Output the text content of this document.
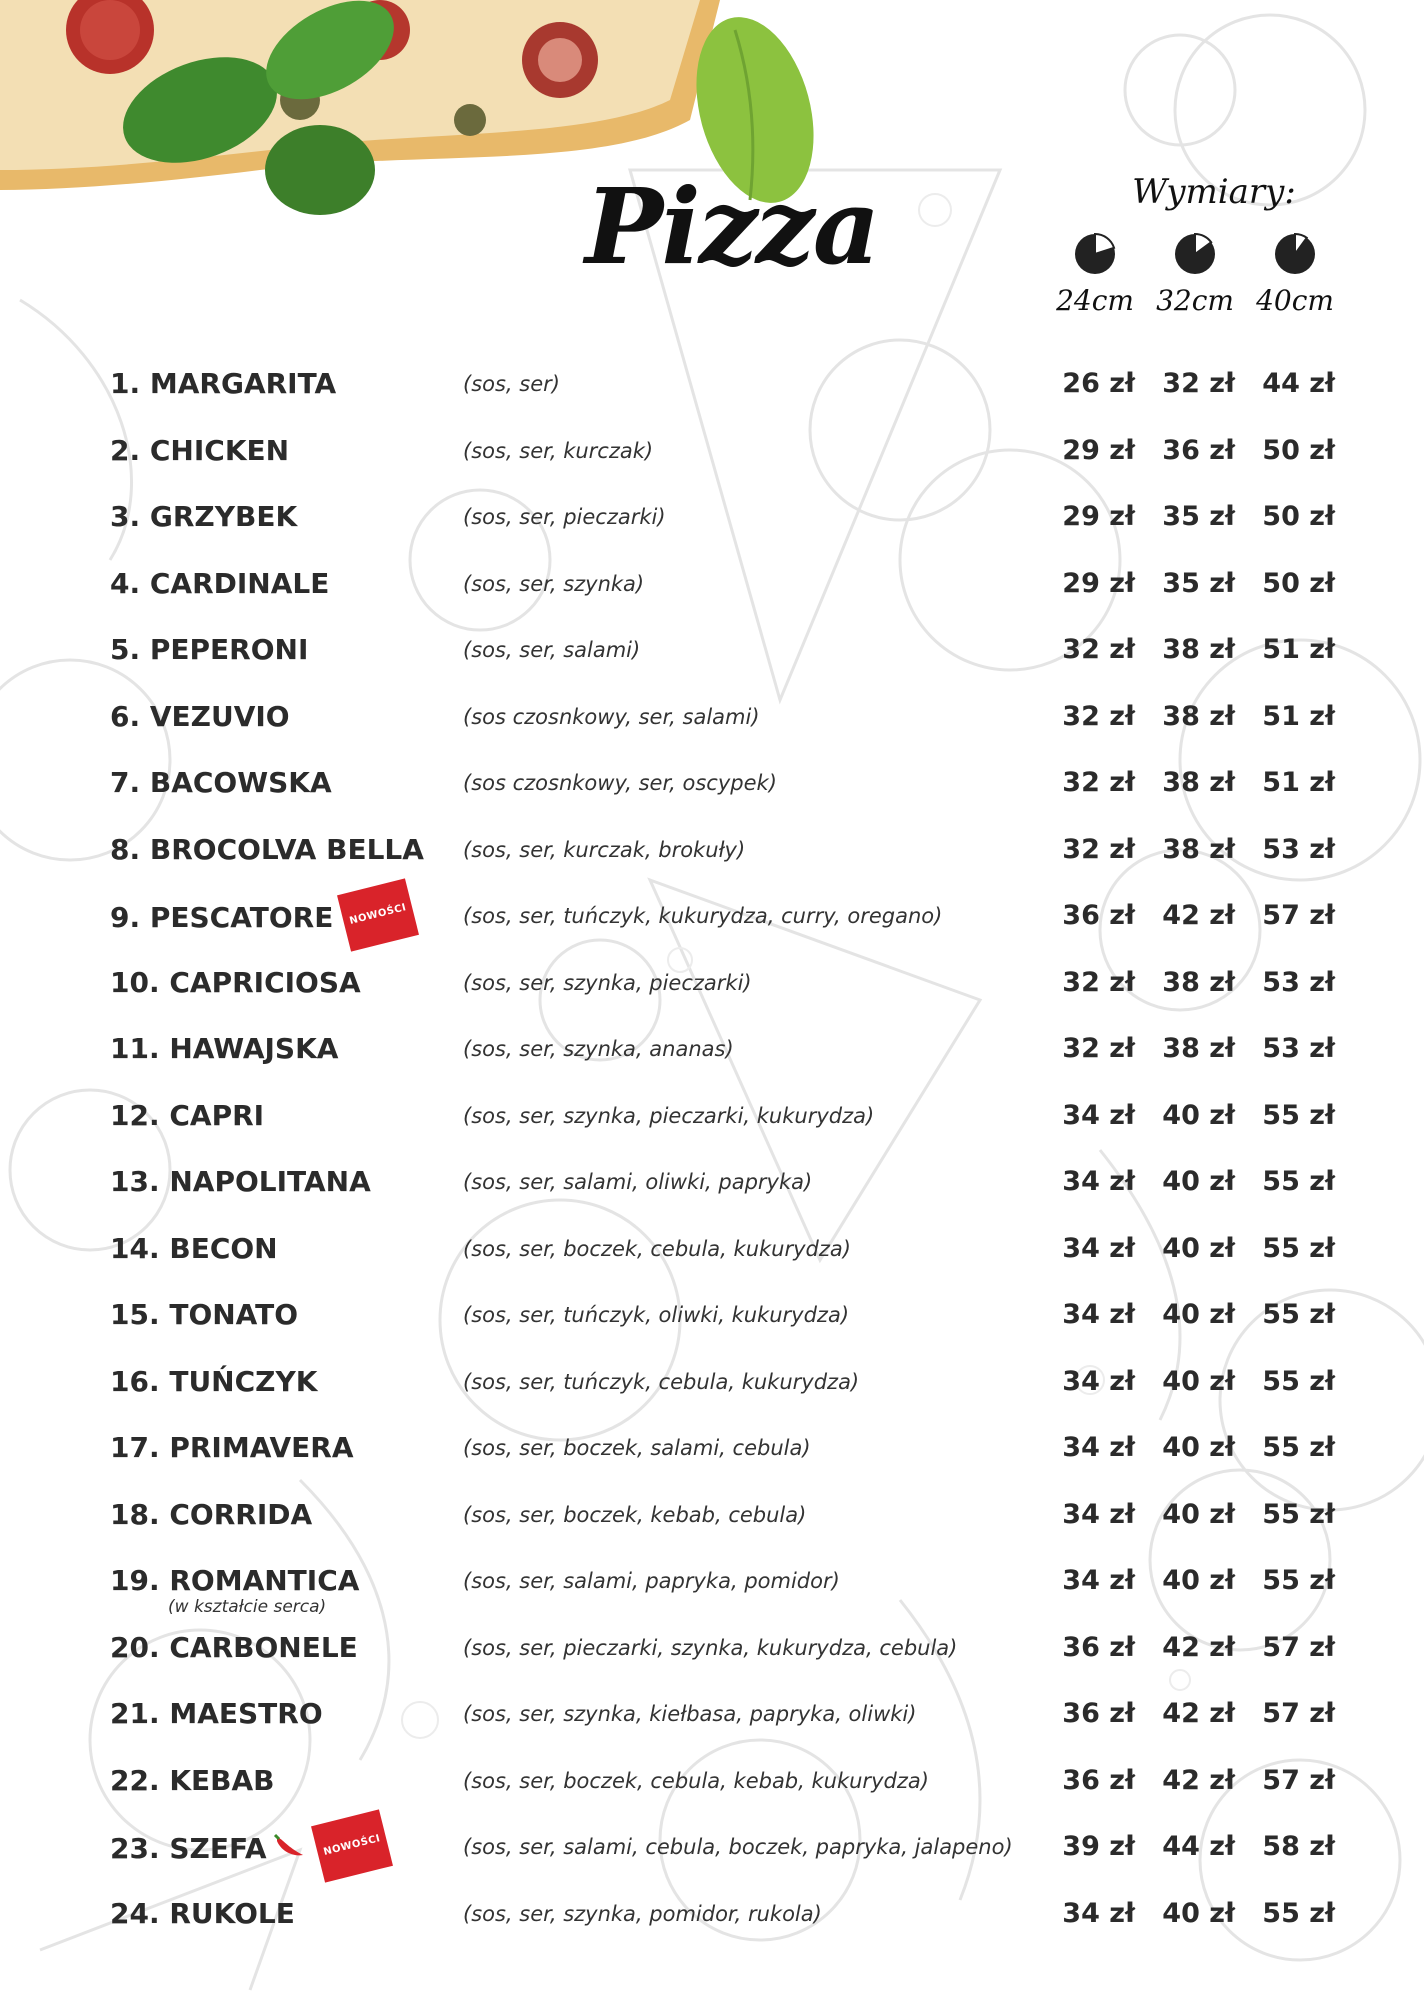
Pizza	Wymiary:
24cm 32cm 40cm
1. MARGARITA	(sos, ser)	26 zł	32 zł	44 zł
2. CHICKEN	(sos, ser, kurczak)	29 zł	36 zł	50 zł
3. GRZYBEK	(sos, ser, pieczarki)	29 zł	35 zł	50 zł
4. CARDINALE	(sos, ser, szynka)	29 zł	35 zł	50 zł
5. PEPERONI	(sos, ser, salami)	32 zł	38 zł	51 zł
6. VEZUVIO	(sos czosnkowy, ser, salami)	32 zł	38 zł	51 zł
7. BACOWSKA	(sos czosnkowy, ser, oscypek)	32 zł	38 zł	51 zł
8. BROCOLVA BELLA (sos, ser, kurczak, brokuły)	32 zł	38 zł	53 zł
9. PESCATORE NOWOŚCI	(sos, ser, tuńczyk, kukurydza, curry, oregano)	36 zł	42 zł	57 zł
10. CAPRICIOSA	(sos, ser, szynka, pieczarki)	32 zł	38 zł	53 zł
11. HAWAJSKA	(sos, ser, szynka, ananas)	32 zł	38 zł	53 zł
12. CAPRI	(sos, ser, szynka, pieczarki, kukurydza)	34 zł	40 zł	55 zł
13. NAPOLITANA	(sos, ser, salami, oliwki, papryka)	34 zł	40 zł	55 zł
14. BECON	(sos, ser, boczek, cebula, kukurydza)	34 zł	40 zł	55 zł
15. TONATO	(sos, ser, tuńczyk, oliwki, kukurydza)	34 zł	40 zł	55 zł
16. TUŃCZYK	(sos, ser, tuńczyk, cebula, kukurydza)	34 zł	40 zł	55 zł
17. PRIMAVERA	(sos, ser, boczek, salami, cebula)	34 zł	40 zł	55 zł
18. CORRIDA	(sos, ser, boczek, kebab, cebula)	34 zł	40 zł	55 zł
19. ROMANTICA
(w kształcie serca)
(sos, ser, salami, papryka, pomidor)	34 zł	40 zł	55 zł
20. CARBONELE	(sos, ser, pieczarki, szynka, kukurydza, cebula)	36 zł	42 zł	57 zł
21. MAESTRO	(sos, ser, szynka, kiełbasa, papryka, oliwki)	36 zł	42 zł	57 zł
22. KEBAB	(sos, ser, boczek, cebula, kebab, kukurydza)	36 zł	42 zł	57 zł
23. SZEFA	NOWOŚCI	(sos, ser, salami, cebula, boczek, papryka, jalapeno)	39 zł	44 zł	58 zł
24. RUKOLE	(sos, ser, szynka, pomidor, rukola)	34 zł	40 zł	55 zł
